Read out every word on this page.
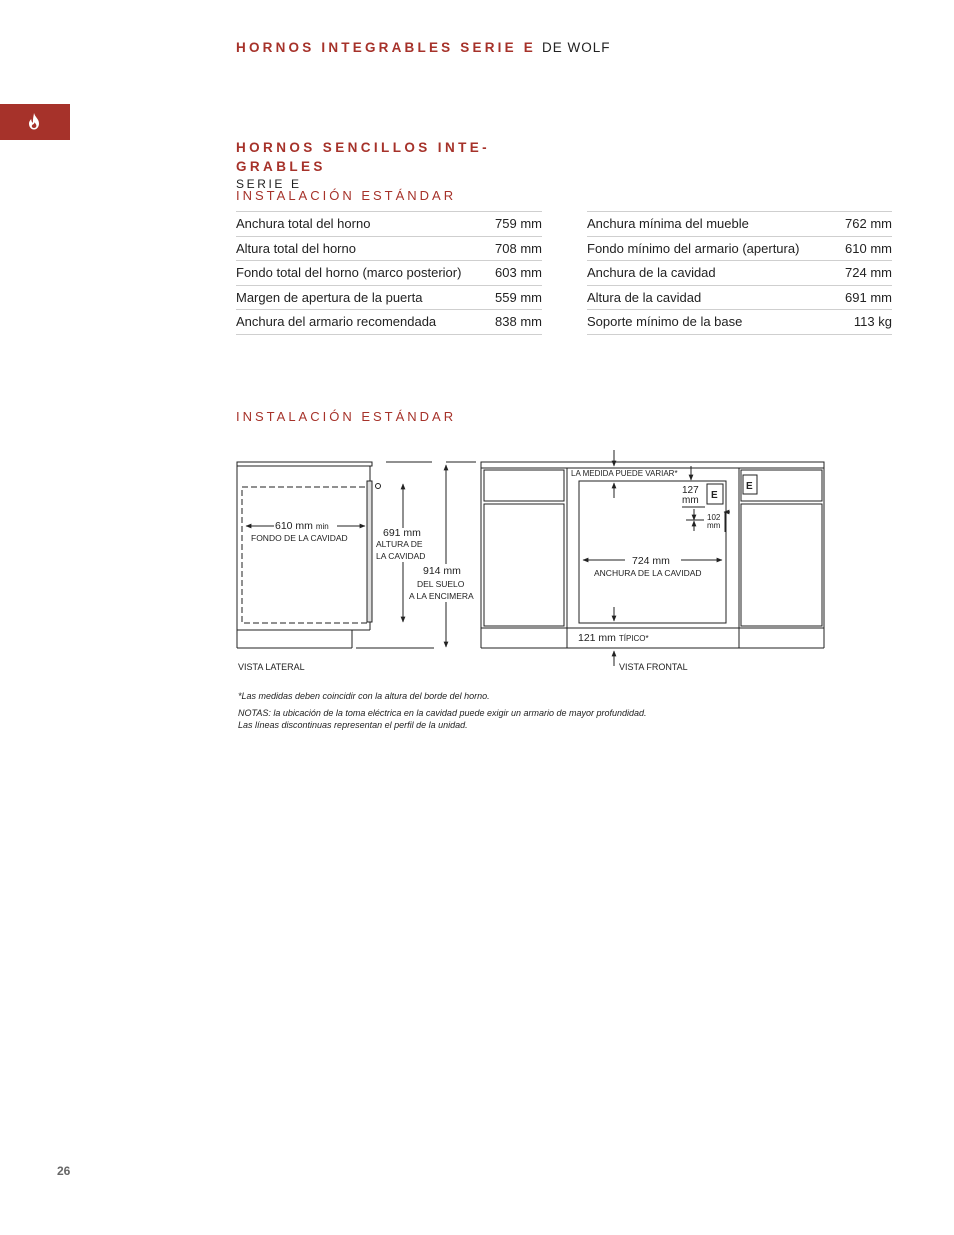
HORNOS INTEGRABLES SERIE E DE WOLF
HORNOS SENCILLOS INTE-GRABLES
SERIE E
INSTALACIÓN ESTÁNDAR
Anchura total del horno	759 mm
Altura total del horno	708 mm
Fondo total del horno (marco posterior)	603 mm
Margen de apertura de la puerta	559 mm
Anchura del armario recomendada	838 mm
Anchura mínima del mueble	762 mm
Fondo mínimo del armario (apertura)	610 mm
Anchura de la cavidad	724 mm
Altura de la cavidad	691 mm
Soporte mínimo de la base	113 kg
INSTALACIÓN ESTÁNDAR
610 mm min
FONDO DE LA CAVIDAD	691 mm
ALTURA DE
LA CAVIDAD
914 mm
DEL SUELO
A LA ENCIMERA
VISTA LATERAL
LA MEDIDA PUEDE VARIAR*
127
mm
102
mm
E
E
724 mm
ANCHURA DE LA CAVIDAD
121 mm TÍPICO*
VISTA FRONTAL
*Las medidas deben coincidir con la altura del borde del horno.
NOTAS: la ubicación de la toma eléctrica en la cavidad puede exigir un armario de mayor profundidad.
Las líneas discontinuas representan el perfil de la unidad.
26
